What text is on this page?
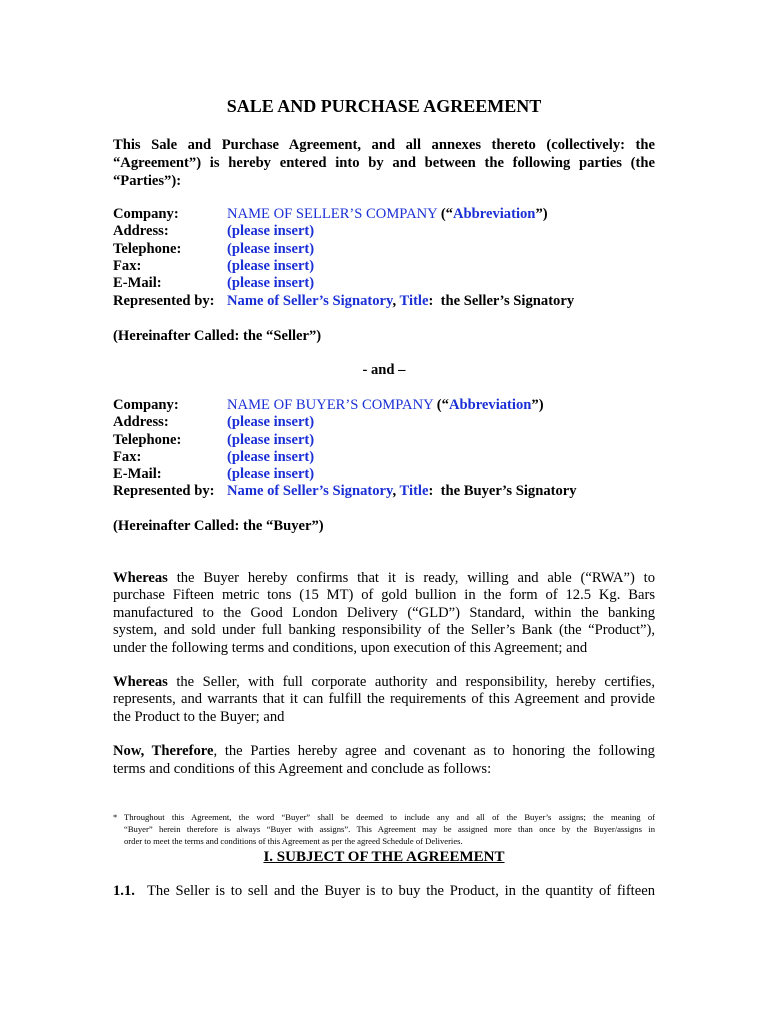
SALE AND PURCHASE AGREEMENT
This Sale and Purchase Agreement, and all annexes thereto (collectively: the
“Agreement”) is hereby entered into by and between the following parties (the
“Parties”):
Company:	NAME OF SELLER’S COMPANY (“Abbreviation”)
Address:	(please insert)
Telephone:	(please insert)
Fax:	(please insert)
E-Mail:	(please insert)
Represented by: Name of Seller’s Signatory, Title:  the Seller’s Signatory
(Hereinafter Called: the “Seller”)
- and –
Company:	NAME OF BUYER’S COMPANY (“Abbreviation”)
Address:	(please insert)
Telephone:	(please insert)
Fax:	(please insert)
E-Mail:	(please insert)
Represented by: Name of Seller’s Signatory, Title:  the Buyer’s Signatory
(Hereinafter Called: the “Buyer”)
Whereas the Buyer hereby confirms that it is ready, willing and able (“RWA”) to
purchase Fifteen metric tons (15 MT) of gold bullion in the form of 12.5 Kg. Bars
manufactured to the Good London Delivery (“GLD”) Standard, within the banking
system, and sold under full banking responsibility of the Seller’s Bank (the “Product”),
under the following terms and conditions, upon execution of this Agreement; and
Whereas the Seller, with full corporate authority and responsibility, hereby certifies,
represents, and warrants that it can fulfill the requirements of this Agreement and provide
the Product to the Buyer; and
Now, Therefore, the Parties hereby agree and covenant as to honoring the following
terms and conditions of this Agreement and conclude as follows:
* Throughout this Agreement, the word “Buyer” shall be deemed to include any and all of the Buyer’s assigns; the meaning of
“Buyer” herein therefore is always “Buyer with assigns”. This Agreement may be assigned more than once by the Buyer/assigns in
order to meet the terms and conditions of this Agreement as per the agreed Schedule of Deliveries.
I. SUBJECT OF THE AGREEMENT
1.1. The Seller is to sell and the Buyer is to buy the Product, in the quantity of fifteen
